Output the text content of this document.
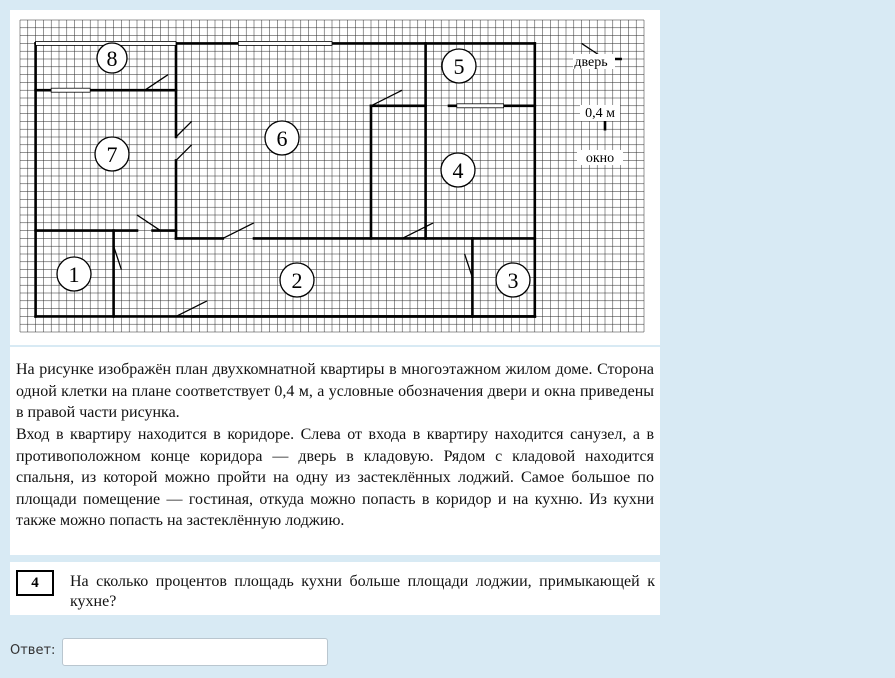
8	5
6
7
4
1	2	3
дверь
0,4 м
окно

На рисунке изображён план двухкомнатной квартиры в многоэтажном жилом доме. Сторона одной клетки на плане соответствует 0,4 м, а условные обозначения двери и окна приведены в правой части рисунка.

Вход в квартиру находится в коридоре. Слева от входа в квартиру находится санузел, а в противоположном конце коридора — дверь в кладовую. Рядом с кладовой находится спальня, из которой можно пройти на одну из застеклённых лоджий. Самое большое по площади помещение — гостиная, откуда можно попасть в коридор и на кухню. Из кухни также можно попасть на застеклённую лоджию.

4	На сколько процентов площадь кухни больше площади лоджии, примыкающей к кухне?

Ответ:
